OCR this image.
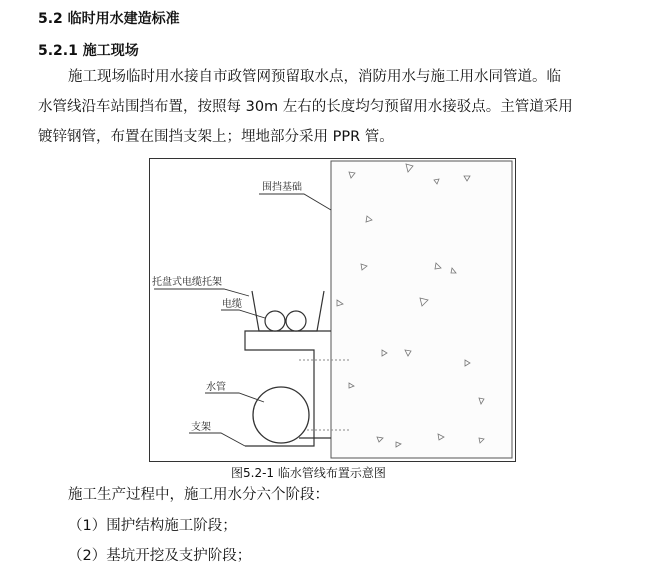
5.2 临时用水建造标准
5.2.1 施工现场
施工现场临时用水接自市政管网预留取水点，消防用水与施工用水同管道。临
水管线沿车站围挡布置，按照每 30m 左右的长度均匀预留用水接驳点。主管道采用
镀锌钢管，布置在围挡支架上；埋地部分采用 PPR 管。
围挡基础
托盘式电缆托架
电缆
水管
支架
图5.2-1 临水管线布置示意图
施工生产过程中，施工用水分六个阶段：
（1）围护结构施工阶段；
（2）基坑开挖及支护阶段；
